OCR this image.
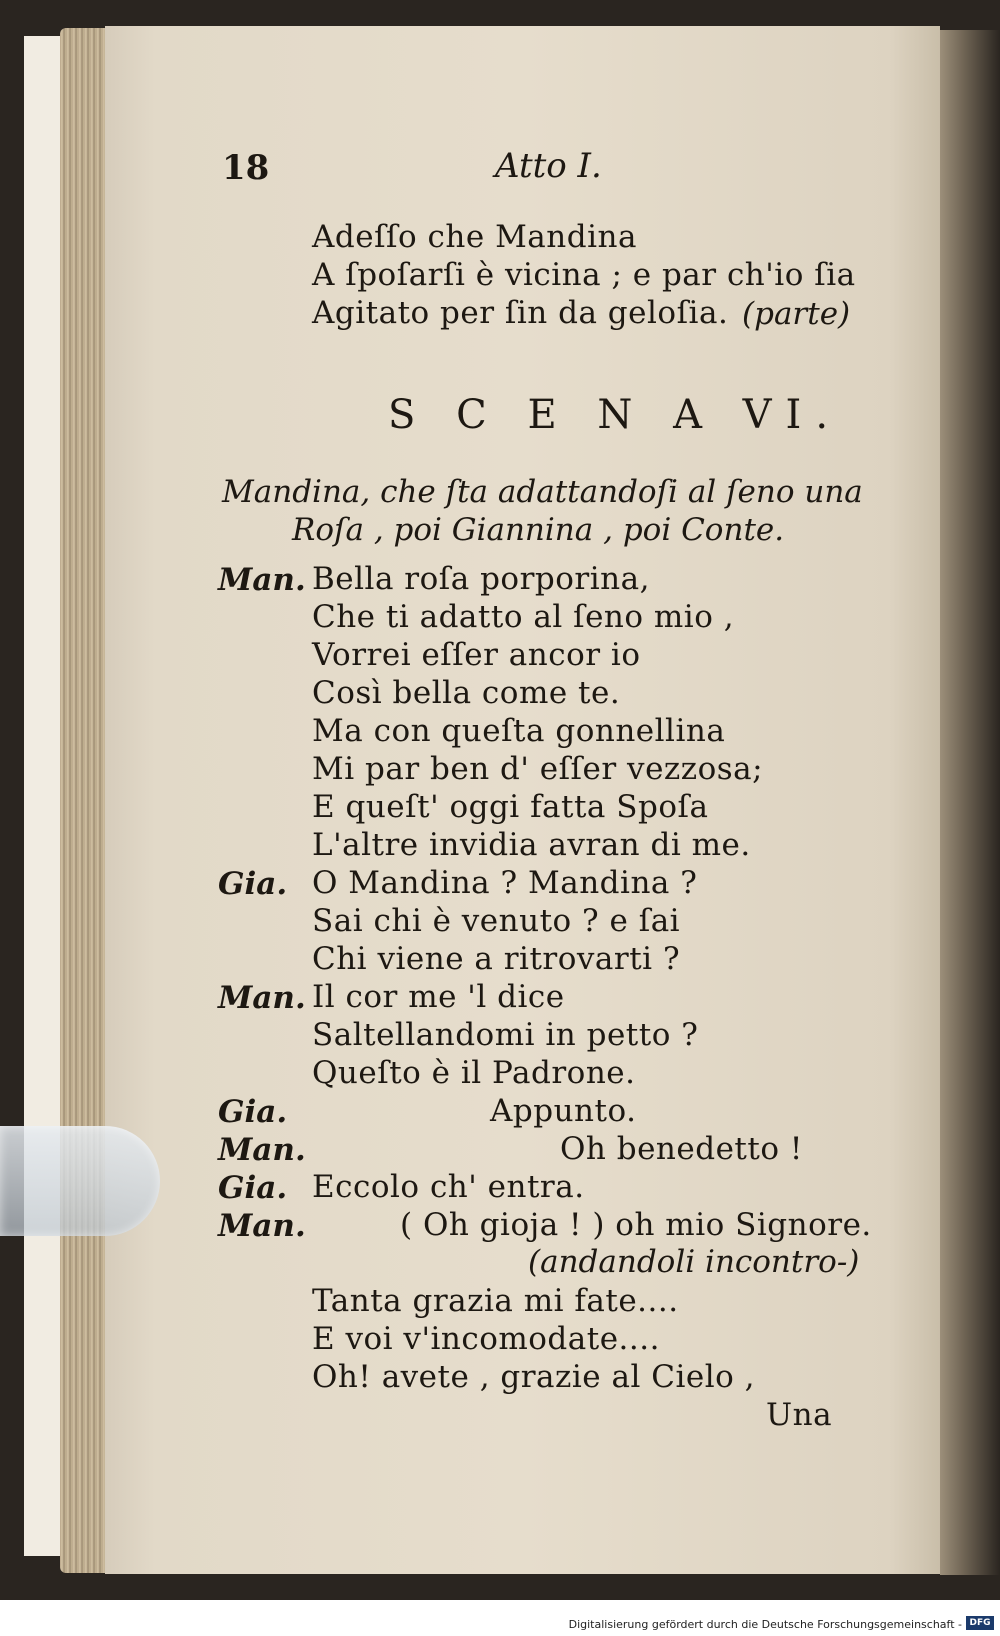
18	Atto I.
Adeſſo che Mandina
A ſpoſarſi è vicina ; e par ch'io ſia
Agitato per ſin da geloſia. (parte)
S C E N A VI.
Mandina, che ſta adattandoſi al ſeno una
Roſa , poi Giannina , poi Conte.
Man. Bella roſa porporina,
Che ti adatto al ſeno mio ,
Vorrei eſſer ancor io
Così bella come te.
Ma con queſta gonnellina
Mi par ben d' eſſer vezzosa;
E queſt' oggi fatta Spoſa
L'altre invidia avran di me.
Gia. O Mandina ? Mandina ?
Sai chi è venuto ? e ſai
Chi viene a ritrovarti ?
Man. Il cor me 'l dice
Saltellandomi in petto ?
Queſto è il Padrone.
Gia.	Appunto.
Man.	Oh benedetto !
Gia. Eccolo ch' entra.
Man.	( Oh gioja ! ) oh mio Signore.
(andandoli incontro-)
Tanta grazia mi fate....
E voi v'incomodate....
Oh! avete , grazie al Cielo ,
Una
Digitalisierung gefördert durch die Deutsche Forschungsgemeinschaft - DFG
